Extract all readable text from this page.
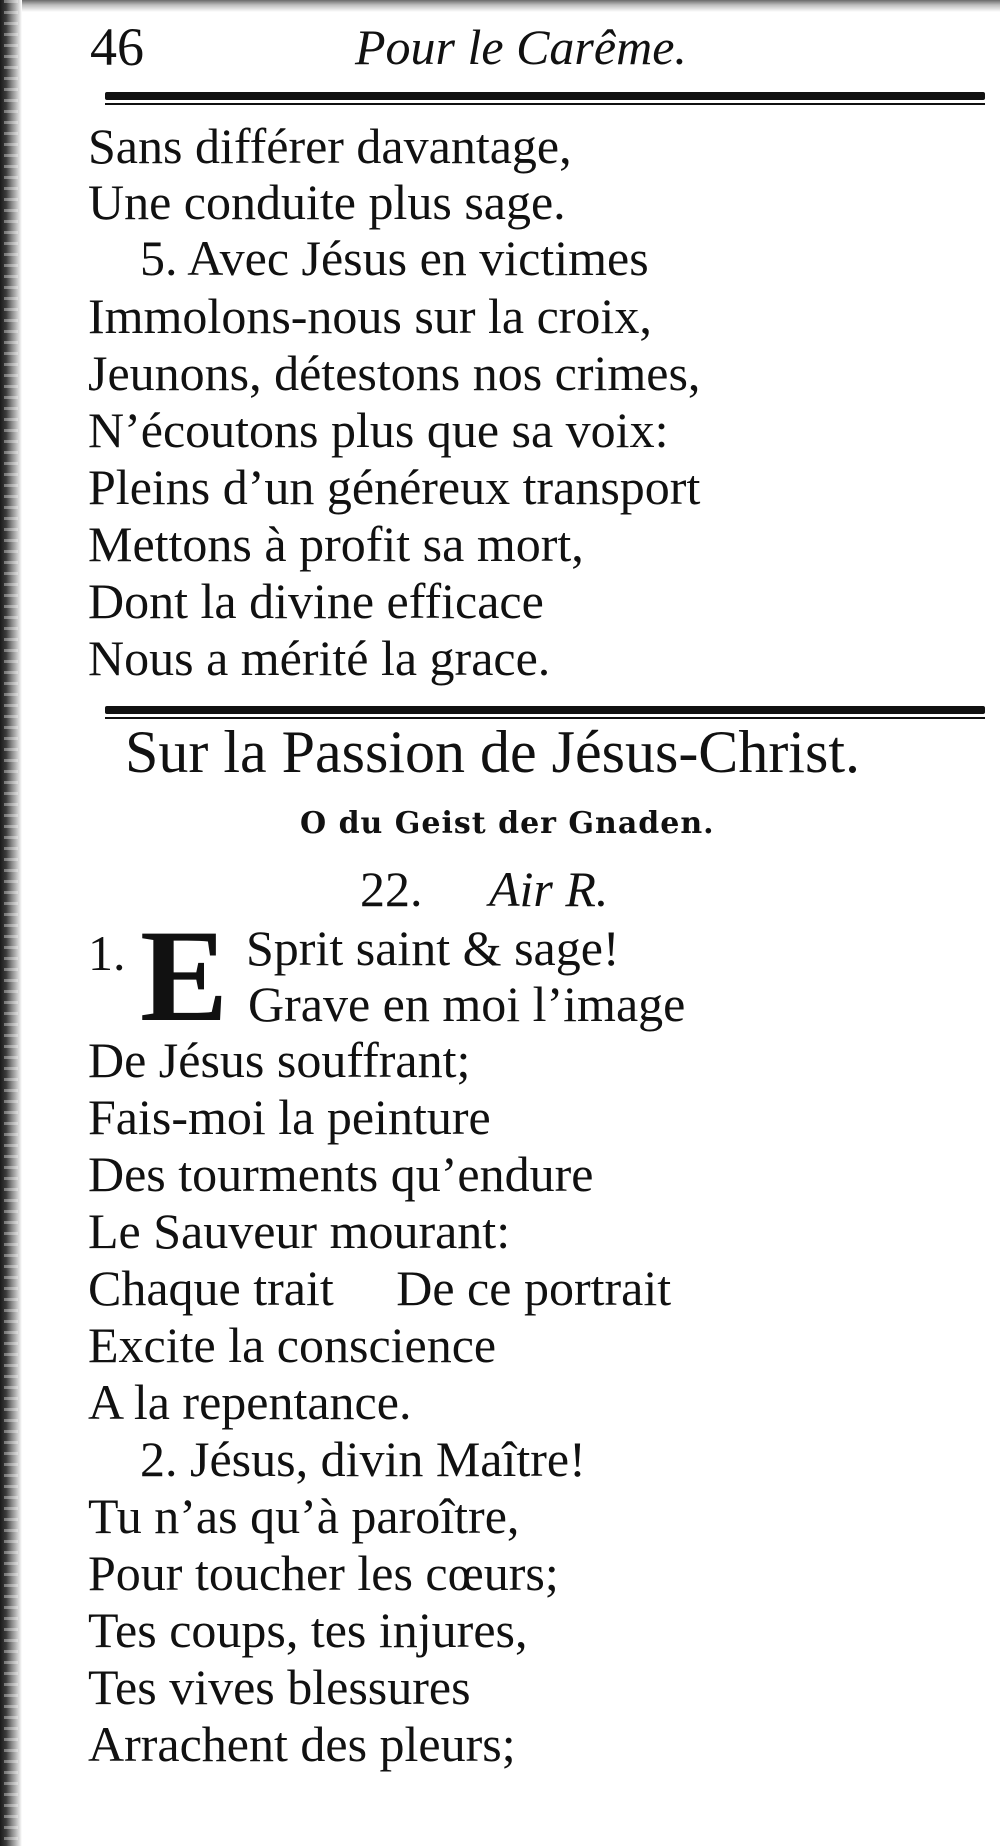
46	Pour le Carême.
Sans différer davantage,
Une conduite plus sage.
5. Avec Jésus en victimes
Immolons-nous sur la croix,
Jeunons, détestons nos crimes,
N’écoutons plus que sa voix:
Pleins d’un généreux transport
Mettons à profit sa mort,
Dont la divine efficace
Nous a mérité la grace.
Sur la Passion de Jésus-Christ.
O du Geist der Gnaden.
22. Air R.
1. E Sprit saint & sage!
Grave en moi l’image
De Jésus souffrant;
Fais-moi la peinture
Des tourments qu’endure
Le Sauveur mourant:
Chaque trait     De ce portrait
Excite la conscience
A la repentance.
2. Jésus, divin Maître!
Tu n’as qu’à paroître,
Pour toucher les cœurs;
Tes coups, tes injures,
Tes vives blessures
Arrachent des pleurs;
